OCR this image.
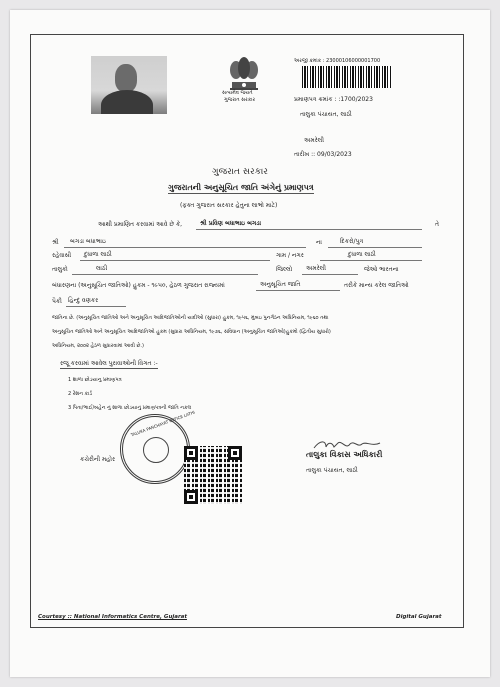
સત્યમેવ જયતે
ગુજરાત સરકાર
અરજી ક્રમાંક : 23000106000001700
પ્રમાણપત્ર ક્રમાંક : :1700/2023
તાલુકા પંચાયત, લાઠી
અમરેલી
તારીખ :: 09/03/2023
ગુજરાત સરકાર
ગુજરાતની અનુસૂચિત જાતિ અંગેનું પ્રમાણપત્ર
(ફક્ત ગુજરાત સરકાર હેતુના લાભો માટે)
આથી પ્રમાણિત કરવામાં આવે છે કે,	શ્રી પ્રવિણ બધાભાઇ બગડા	તે
શ્રી બગડા બધાભાઇ	ના	દિકરો/પુત્ર
રહેવાસી દુધાળા લાઠી	ગામ / નગર	દુધાળા લાઠી
તાલુકો	લાઠી	જિલ્લો અમરેલી	જેઓ ભારતના
બંધારણના (અનુસૂચિત જાતિઓ) હુકમ - ૧૯૫૦, હેઠળ ગુજરાત રાજ્યમાં	અનુસૂચિત જાતિ	તરીકે માન્ય કરેલ જાતિઓ
પૈકી હિન્દુ વણકર
જાતિના છે. (અનુસૂચિત જાતિઓ અને અનુસૂચિત આદિજાતિઓની યાદીઓ (સુધારા) હુકમ, ૧૯૫૬, મુંબઇ પુનર્ગઠન અધિનિયમ, ૧૯૬૦ તથા
અનુસૂચિત જાતિઓ અને અનુસૂચિત આદિજાતિઓ હુકમ (સુધારા અધિનિયમ, ૧૯૭૬, સંવિધાન (અનુસૂચિત જાતિઓ)હુકમો (દ્વિતીય સુધારો)
અધિનિયમ, ૨૦૦૨ હેઠળ સુધારવામાં આવી છે.)
રજૂ કરવામાં આવેલ પુરાવાઓની વિગત :-
1 શાળા છોડયાનુ પ્રમાણપત્ર
2 રેશન કાર્ડ
3 પિતા/ભાઈ/બહેન નું શાળા છોડયાનું પ્રમાણપત્રની જાતિ નકલ
TALUKA PANCHAYAT OFFICE LATHI
કચેરીની મહોર
તાલુકા વિકાસ અધિકારી
તાલુકા પંચાયત, લાઠી
Courtesy :: National Informatics Centre, Gujarat	Digital Gujarat
